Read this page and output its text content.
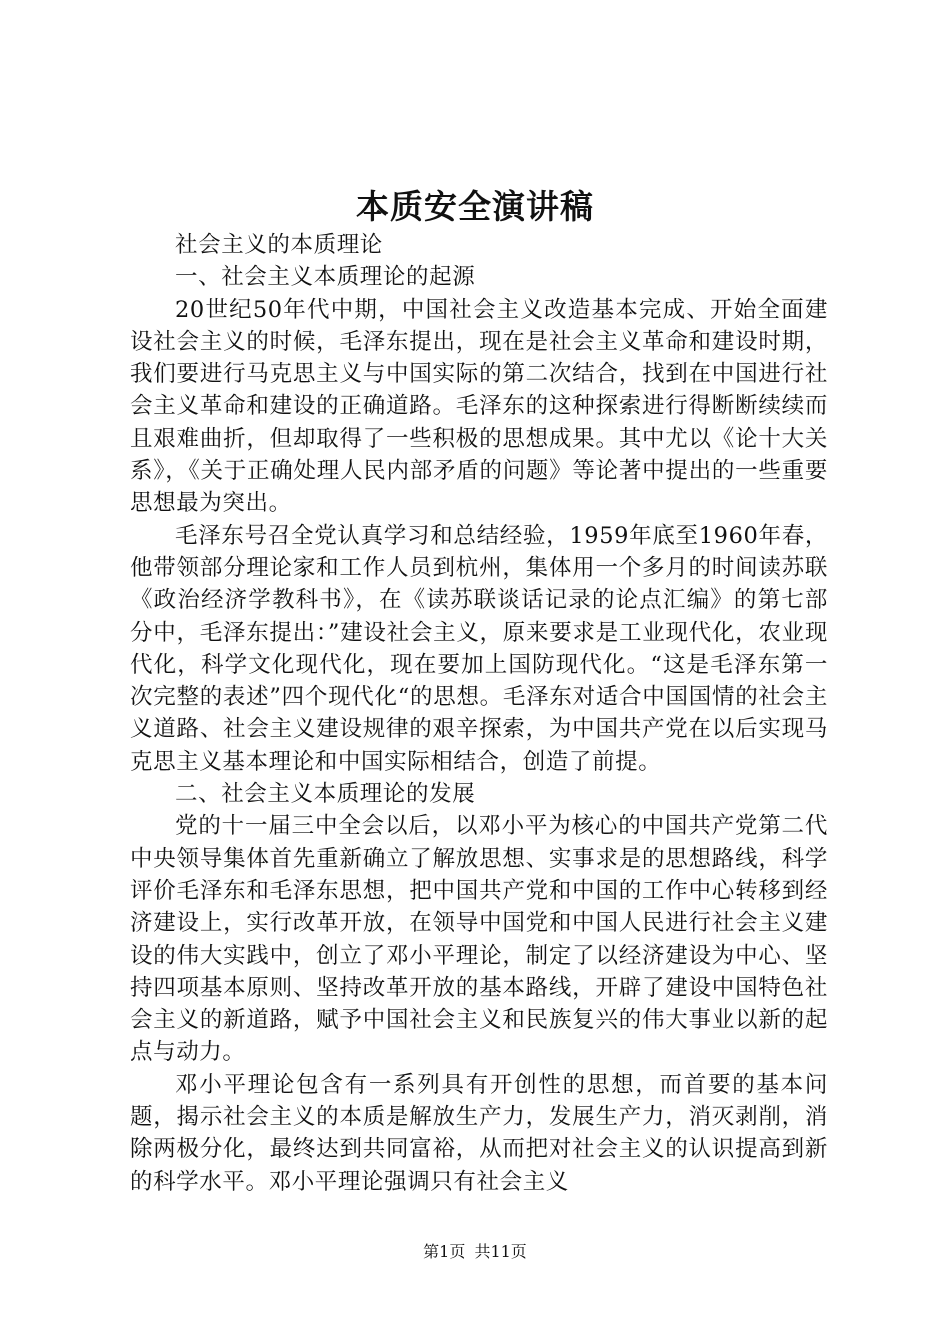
本质安全演讲稿

社会主义的本质理论

一、社会主义本质理论的起源

20世纪50年代中期，中国社会主义改造基本完成、开始全面建设社会主义的时候，毛泽东提出，现在是社会主义革命和建设时期，我们要进行马克思主义与中国实际的第二次结合，找到在中国进行社会主义革命和建设的正确道路。毛泽东的这种探索进行得断断续续而且艰难曲折，但却取得了一些积极的思想成果。其中尤以《论十大关系》，《关于正确处理人民内部矛盾的问题》等论著中提出的一些重要思想最为突出。

毛泽东号召全党认真学习和总结经验，1959年底至1960年春，他带领部分理论家和工作人员到杭州，集体用一个多月的时间读苏联《政治经济学教科书》，在《读苏联谈话记录的论点汇编》的第七部分中，毛泽东提出：”建设社会主义，原来要求是工业现代化，农业现代化，科学文化现代化，现在要加上国防现代化。“这是毛泽东第一次完整的表述”四个现代化“的思想。毛泽东对适合中国国情的社会主义道路、社会主义建设规律的艰辛探索，为中国共产党在以后实现马克思主义基本理论和中国实际相结合，创造了前提。

二、社会主义本质理论的发展

党的十一届三中全会以后，以邓小平为核心的中国共产党第二代中央领导集体首先重新确立了解放思想、实事求是的思想路线，科学评价毛泽东和毛泽东思想，把中国共产党和中国的工作中心转移到经济建设上，实行改革开放，在领导中国党和中国人民进行社会主义建设的伟大实践中，创立了邓小平理论，制定了以经济建设为中心、坚持四项基本原则、坚持改革开放的基本路线，开辟了建设中国特色社会主义的新道路，赋予中国社会主义和民族复兴的伟大事业以新的起点与动力。

邓小平理论包含有一系列具有开创性的思想，而首要的基本问题，揭示社会主义的本质是解放生产力，发展生产力，消灭剥削，消除两极分化，最终达到共同富裕，从而把对社会主义的认识提高到新的科学水平。邓小平理论强调只有社会主义

第1页 共11页
